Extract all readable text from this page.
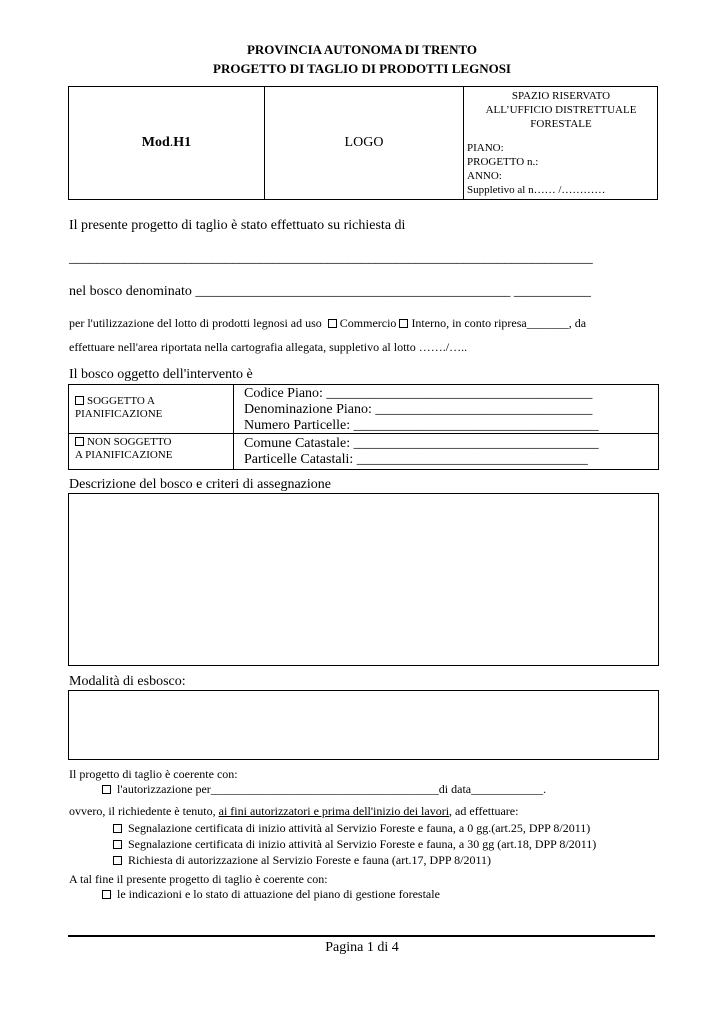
PROVINCIA AUTONOMA DI TRENTO
PROGETTO DI TAGLIO DI PRODOTTI LEGNOSI
Mod.H1	LOGO	
SPAZIO RISERVATO
ALL’UFFICIO DISTRETTUALE
FORESTALE
PIANO:
PROGETTO n.:
ANNO:
Suppletivo al n…… /…………
Il presente progetto di taglio è stato effettuato su richiesta di
_____________________________________________________________________________
nel bosco denominato _____________________________________________ ___________
per l'utilizzazione del lotto di prodotti legnosi ad uso Commercio Interno, in conto ripresa_______, da
effettuare nell'area riportata nella cartografia allegata, suppletivo al lotto ……./…..
Il bosco oggetto dell'intervento è
SOGGETTO A
PIANIFICAZIONE
Codice Piano: ______________________________________
Denominazione Piano: _______________________________
Numero Particelle: ___________________________________
NON SOGGETTO
A PIANIFICAZIONE
Comune Catastale: ___________________________________
Particelle Catastali: _________________________________
Descrizione del bosco e criteri di assegnazione
Modalità di esbosco:
Il progetto di taglio è coerente con:
l'autorizzazione per______________________________________di data____________.
ovvero, il richiedente è tenuto, ai fini autorizzatori e prima dell'inizio dei lavori, ad effettuare:
Segnalazione certificata di inizio attività al Servizio Foreste e fauna, a 0 gg.(art.25, DPP 8/2011)
Segnalazione certificata di inizio attività al Servizio Foreste e fauna, a 30 gg (art.18, DPP 8/2011)
Richiesta di autorizzazione al Servizio Foreste e fauna (art.17, DPP 8/2011)
A tal fine il presente progetto di taglio è coerente con:
le indicazioni e lo stato di attuazione del piano di gestione forestale
Pagina 1 di 4
